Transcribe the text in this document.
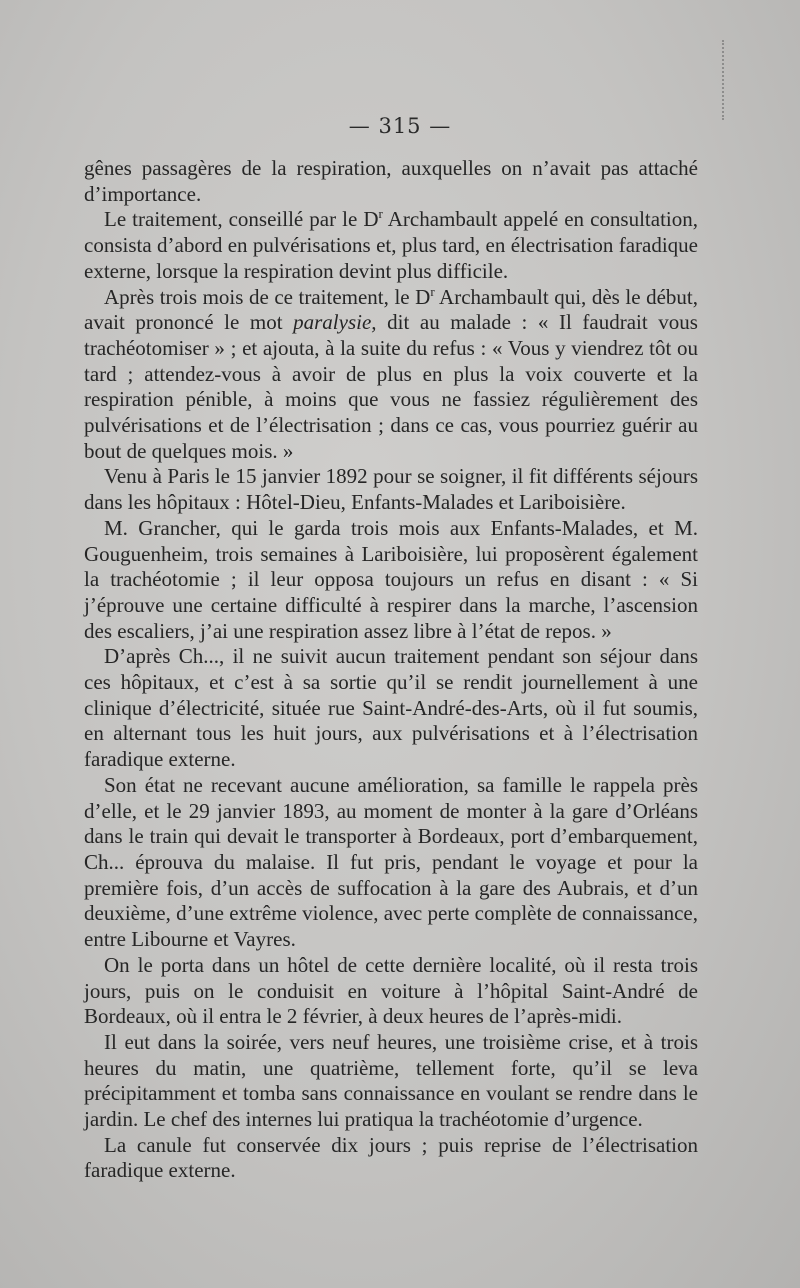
— 315 —

gênes passagères de la respiration, auxquelles on n’avait pas attaché d’importance.

Le traitement, conseillé par le $D^r$ Archambault appelé en consultation, consista d’abord en pulvérisations et, plus tard, en électrisation faradique externe, lorsque la respiration devint plus difficile.

Après trois mois de ce traitement, le $D^r$ Archambault qui, dès le début, avait prononcé le mot paralysie, dit au malade : « Il faudrait vous trachéotomiser » ; et ajouta, à la suite du refus : « Vous y viendrez tôt ou tard ; attendez-vous à avoir de plus en plus la voix couverte et la respiration pénible, à moins que vous ne fassiez régulièrement des pulvérisations et de l’électrisation ; dans ce cas, vous pourriez guérir au bout de quelques mois. »

Venu à Paris le 15 janvier 1892 pour se soigner, il fit différents séjours dans les hôpitaux : Hôtel-Dieu, Enfants-Malades et Lariboisière.

M. Grancher, qui le garda trois mois aux Enfants-Malades, et M. Gouguenheim, trois semaines à Lariboisière, lui proposèrent également la trachéotomie ; il leur opposa toujours un refus en disant : « Si j’éprouve une certaine difficulté à respirer dans la marche, l’ascension des escaliers, j’ai une respiration assez libre à l’état de repos. »

D’après Ch..., il ne suivit aucun traitement pendant son séjour dans ces hôpitaux, et c’est à sa sortie qu’il se rendit journellement à une clinique d’électricité, située rue Saint-André-des-Arts, où il fut soumis, en alternant tous les huit jours, aux pulvérisations et à l’électrisation faradique externe.

Son état ne recevant aucune amélioration, sa famille le rappela près d’elle, et le 29 janvier 1893, au moment de monter à la gare d’Orléans dans le train qui devait le transporter à Bordeaux, port d’embarquement, Ch... éprouva du malaise. Il fut pris, pendant le voyage et pour la première fois, d’un accès de suffocation à la gare des Aubrais, et d’un deuxième, d’une extrême violence, avec perte complète de connaissance, entre Libourne et Vayres.

On le porta dans un hôtel de cette dernière localité, où il resta trois jours, puis on le conduisit en voiture à l’hôpital Saint-André de Bordeaux, où il entra le 2 février, à deux heures de l’après-midi.

Il eut dans la soirée, vers neuf heures, une troisième crise, et à trois heures du matin, une quatrième, tellement forte, qu’il se leva précipitamment et tomba sans connaissance en voulant se rendre dans le jardin. Le chef des internes lui pratiqua la trachéotomie d’urgence.

La canule fut conservée dix jours ; puis reprise de l’électrisation faradique externe.
